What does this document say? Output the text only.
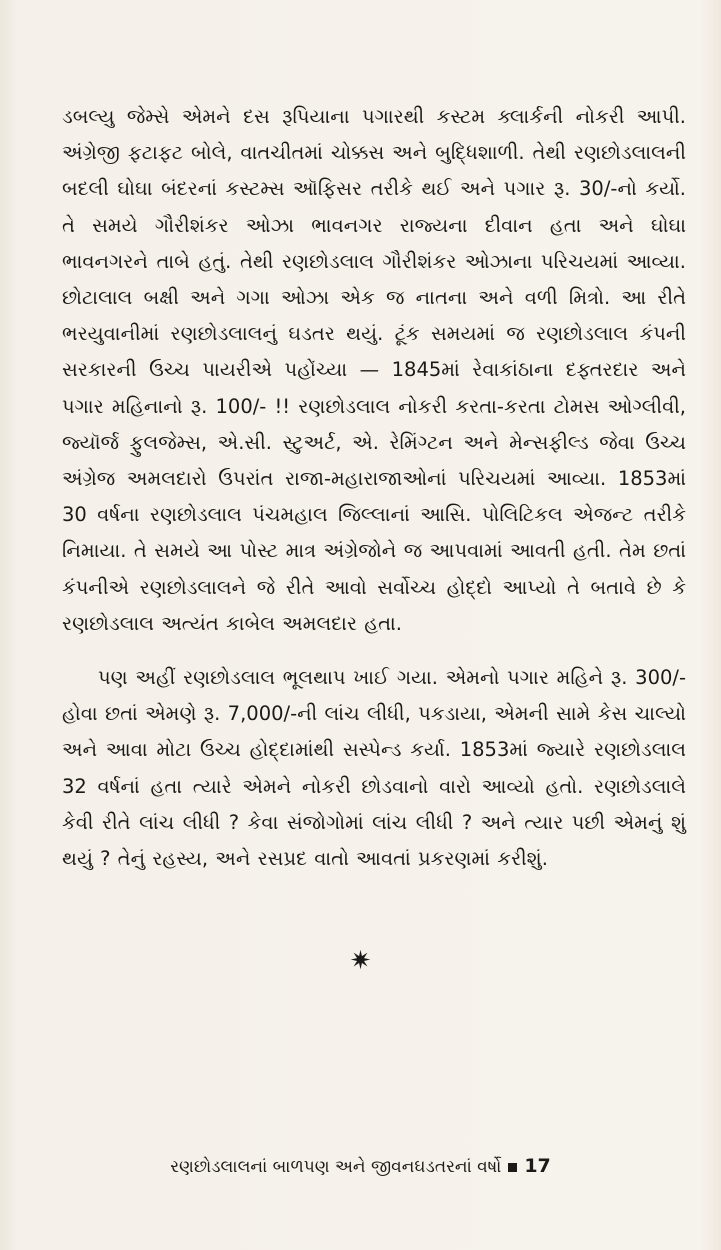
ડબલ્યુ જેમ્સે એમને દસ રૂપિયાના પગારથી કસ્ટમ ક્લાર્કની નોકરી આપી. અંગ્રેજી ફટાફટ બોલે, વાતચીતમાં ચોક્કસ અને બુદ્ધિશાળી. તેથી રણછોડલાલની બદલી ઘોઘા બંદરનાં કસ્ટમ્સ ઑફિસર તરીકે થઈ અને પગાર રૂ. 30/-નો કર્યો. તે સમયે ગૌરીશંકર ઓઝા ભાવનગર રાજ્યના દીવાન હતા અને ઘોઘા ભાવનગરને તાબે હતું. તેથી રણછોડલાલ ગૌરીશંકર ઓઝાના પરિચયમાં આવ્યા. છોટાલાલ બક્ષી અને ગગા ઓઝા એક જ નાતના અને વળી મિત્રો. આ રીતે ભરયુવાનીમાં રણછોડલાલનું ઘડતર થયું. ટૂંક સમયમાં જ રણછોડલાલ કંપની સરકારની ઉચ્ચ પાયરીએ પહોંચ્યા — 1845માં રેવાકાંઠાના દફ્તરદાર અને પગાર મહિનાનો રૂ. 100/- !! રણછોડલાલ નોકરી કરતા-કરતા ટોમસ ઓગ્લીવી, જ્યૉર્જ ફુલજેમ્સ, એ.સી. સ્ટુઅર્ટ, એ. રેમિંગ્ટન અને મેન્સફીલ્ડ જેવા ઉચ્ચ અંગ્રેજ અમલદારો ઉપરાંત રાજા-મહારાજાઓનાં પરિચયમાં આવ્યા. 1853માં 30 વર્ષના રણછોડલાલ પંચમહાલ જિલ્લાનાં આસિ. પોલિટિકલ એજન્ટ તરીકે નિમાયા. તે સમયે આ પોસ્ટ માત્ર અંગ્રેજોને જ આપવામાં આવતી હતી. તેમ છતાં કંપનીએ રણછોડલાલને જે રીતે આવો સર્વોચ્ચ હોદ્દો આપ્યો તે બતાવે છે કે રણછોડલાલ અત્યંત કાબેલ અમલદાર હતા.

પણ અહીં રણછોડલાલ ભૂલથાપ ખાઈ ગયા. એમનો પગાર મહિને રૂ. 300/- હોવા છતાં એમણે રૂ. 7,000/-ની લાંચ લીધી, પકડાયા, એમની સામે કેસ ચાલ્યો અને આવા મોટા ઉચ્ચ હોદ્દામાંથી સસ્પેન્ડ કર્યા. 1853માં જ્યારે રણછોડલાલ 32 વર્ષનાં હતા ત્યારે એમને નોકરી છોડવાનો વારો આવ્યો હતો. રણછોડલાલે કેવી રીતે લાંચ લીધી ? કેવા સંજોગોમાં લાંચ લીધી ? અને ત્યાર પછી એમનું શું થયું ? તેનું રહસ્ય, અને રસપ્રદ વાતો આવતાં પ્રકરણમાં કરીશું.

✷
રણછોડલાલનાં બાળપણ અને જીવનઘડતરનાં વર્ષો 17
